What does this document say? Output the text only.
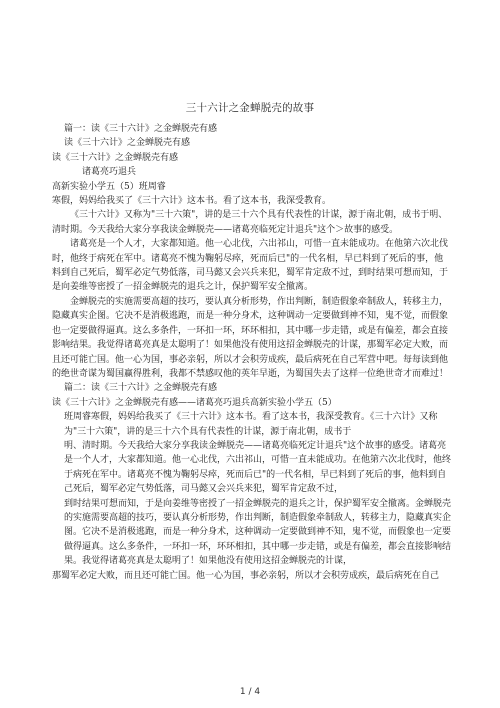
三十六计之金蝉脱壳的故事

篇一：读《三十六计》之金蝉脱壳有感

读《三十六计》之金蝉脱壳有感

读《三十六计》之金蝉脱壳有感

诸葛亮巧退兵

高新实验小学五（5）班周睿

寒假，妈妈给我买了《三十六计》这本书。看了这本书，我深受教育。

《三十六计》又称为"三十六策"，讲的是三十六个具有代表性的计谋，源于南北朝，成书于明、清时期。今天我给大家分享我读金蝉脱壳——诸葛亮临死定计退兵"这个＞故事的感受。

诸葛亮是一个人才，大家都知道。他一心北伐，六出祁山，可惜一直未能成功。在他第六次北伐时，他终于病死在军中。诸葛亮不愧为鞠躬尽瘁，死而后已"的一代名相，早已料到了死后的事，他料到自己死后，蜀军必定气势低落，司马懿又会兴兵来犯，蜀军肯定敌不过，到时结果可想而知，于是向姜维等密授了一招金蝉脱壳的退兵之计，保护蜀军安全撤离。

金蝉脱壳的实施需要高超的技巧，要认真分析形势，作出判断，制造假象牵制敌人，转移主力，隐藏真实企图。它决不是消极逃跑，而是一种分身术，这种调动一定要做到神不知，鬼不觉，而假象也一定要做得逼真。这么多条件，一环扣一环，环环相扣，其中哪一步走错，或是有偏差，都会直接影响结果。我觉得诸葛亮真是太聪明了！如果他没有使用这招金蝉脱壳的计谋，那蜀军必定大败，而且还可能亡国。他一心为国，事必亲躬，所以才会积劳成疾，最后病死在自己军营中吧。每每读到他的绝世奇谋为蜀国赢得胜利，我都不禁感叹他的英年早逝，为蜀国失去了这样一位绝世奇才而难过！

篇二：读《三十六计》之金蝉脱壳有感

读《三十六计》之金蝉脱壳有感——诸葛亮巧退兵高新实验小学五（5）

班周睿寒假，妈妈给我买了《三十六计》这本书。看了这本书，我深受教育。《三十六计》又称为"三十六策"，讲的是三十六个具有代表性的计谋，源于南北朝，成书于

明、清时期。今天我给大家分享我读金蝉脱壳——诸葛亮临死定计退兵"这个故事的感受。诸葛亮是一个人才，大家都知道。他一心北伐，六出祁山，可惜一直未能成功。在他第六次北伐时，他终于病死在军中。诸葛亮不愧为鞠躬尽瘁，死而后已"的一代名相，早已料到了死后的事，他料到自己死后，蜀军必定气势低落，司马懿又会兴兵来犯，蜀军肯定敌不过，

到时结果可想而知，于是向姜维等密授了一招金蝉脱壳的退兵之计，保护蜀军安全撤离。金蝉脱壳的实施需要高超的技巧，要认真分析形势，作出判断，制造假象牵制敌人，转移主力，隐藏真实企图。它决不是消极逃跑，而是一种分身术，这种调动一定要做到神不知，鬼不觉，而假象也一定要做得逼真。这么多条件，一环扣一环，环环相扣，其中哪一步走错，或是有偏差，都会直接影响结果。我觉得诸葛亮真是太聪明了！如果他没有使用这招金蝉脱壳的计谋，

那蜀军必定大败，而且还可能亡国。他一心为国，事必亲躬，所以才会积劳成疾，最后病死在自己

1 / 4
